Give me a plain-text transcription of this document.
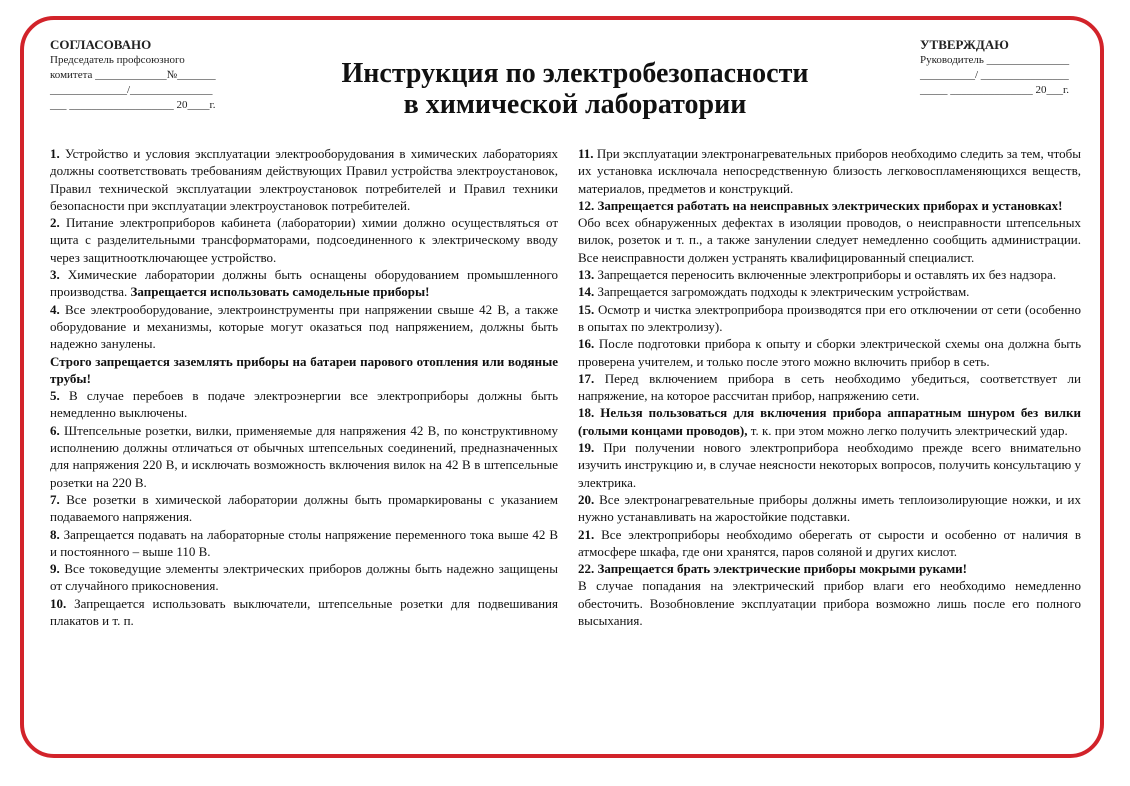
СОГЛАСОВАНО
Председатель профсоюзного
комитета _____________№_______
______________/_______________
___ ___________________ 20____г.
УТВЕРЖДАЮ
Руководитель _______________
__________/ ________________
_____ _______________ 20___г.
Инструкция по электробезопасности
в химической лаборатории

1. Устройство и условия эксплуатации электрооборудования в химических лабораториях должны соответствовать требованиям действующих Правил устройства электроустановок, Правил технической эксплуатации электроустановок потребителей и Правил техники безопасности при эксплуатации электроустановок потребителей.

2. Питание электроприборов кабинета (лаборатории) химии должно осуществляться от щита с разделительными трансформаторами, подсоединенного к электрическому вводу через защитноотключающее устройство.

3. Химические лаборатории должны быть оснащены оборудованием промышленного производства. Запрещается использовать самодельные приборы!

4. Все электрооборудование, электроинструменты при напряжении свыше 42 В, а также оборудование и механизмы, которые могут оказаться под напряжением, должны быть надежно занулены.

Строго запрещается заземлять приборы на батареи парового отопления или водяные трубы!

5. В случае перебоев в подаче электроэнергии все электроприборы должны быть немедленно выключены.

6. Штепсельные розетки, вилки, применяемые для напряжения 42 В, по конструктивному исполнению должны отличаться от обычных штепсельных соединений, предназначенных для напряжения 220 В, и исключать возможность включения вилок на 42 В в штепсельные розетки на 220 В.

7. Все розетки в химической лаборатории должны быть промаркированы с указанием подаваемого напряжения.

8. Запрещается подавать на лабораторные столы напряжение переменного тока выше 42 В и постоянного – выше 110 В.

9. Все токоведущие элементы электрических приборов должны быть надежно защищены от случайного прикосновения.

10. Запрещается использовать выключатели, штепсельные розетки для подвешивания плакатов и т. п.

11. При эксплуатации электронагревательных приборов необходимо следить за тем, чтобы их установка исключала непосредственную близость легковоспламеняющихся веществ, материалов, предметов и конструкций.

12. Запрещается работать на неисправных электрических приборах и установках!

Обо всех обнаруженных дефектах в изоляции проводов, о неисправности штепсельных вилок, розеток и т. п., а также занулении следует немедленно сообщить администрации. Все неисправности должен устранять квалифицированный специалист.

13. Запрещается переносить включенные электроприборы и оставлять их без надзора.

14. Запрещается загромождать подходы к электрическим устройствам.

15. Осмотр и чистка электроприбора производятся при его отключении от сети (особенно в опытах по электролизу).

16. После подготовки прибора к опыту и сборки электрической схемы она должна быть проверена учителем, и только после этого можно включить прибор в сеть.

17. Перед включением прибора в сеть необходимо убедиться, соответствует ли напряжение, на которое рассчитан прибор, напряжению сети.

18. Нельзя пользоваться для включения прибора аппаратным шнуром без вилки (голыми концами проводов), т. к. при этом можно легко получить электрический удар.

19. При получении нового электроприбора необходимо прежде всего внимательно изучить инструкцию и, в случае неясности некоторых вопросов, получить консультацию у электрика.

20. Все электронагревательные приборы должны иметь теплоизолирующие ножки, и их нужно устанавливать на жаростойкие подставки.

21. Все электроприборы необходимо оберегать от сырости и особенно от наличия в атмосфере шкафа, где они хранятся, паров соляной и других кислот.

22. Запрещается брать электрические приборы мокрыми руками!

В случае попадания на электрический прибор влаги его необходимо немедленно обесточить. Возобновление эксплуатации прибора возможно лишь после его полного высыхания.
